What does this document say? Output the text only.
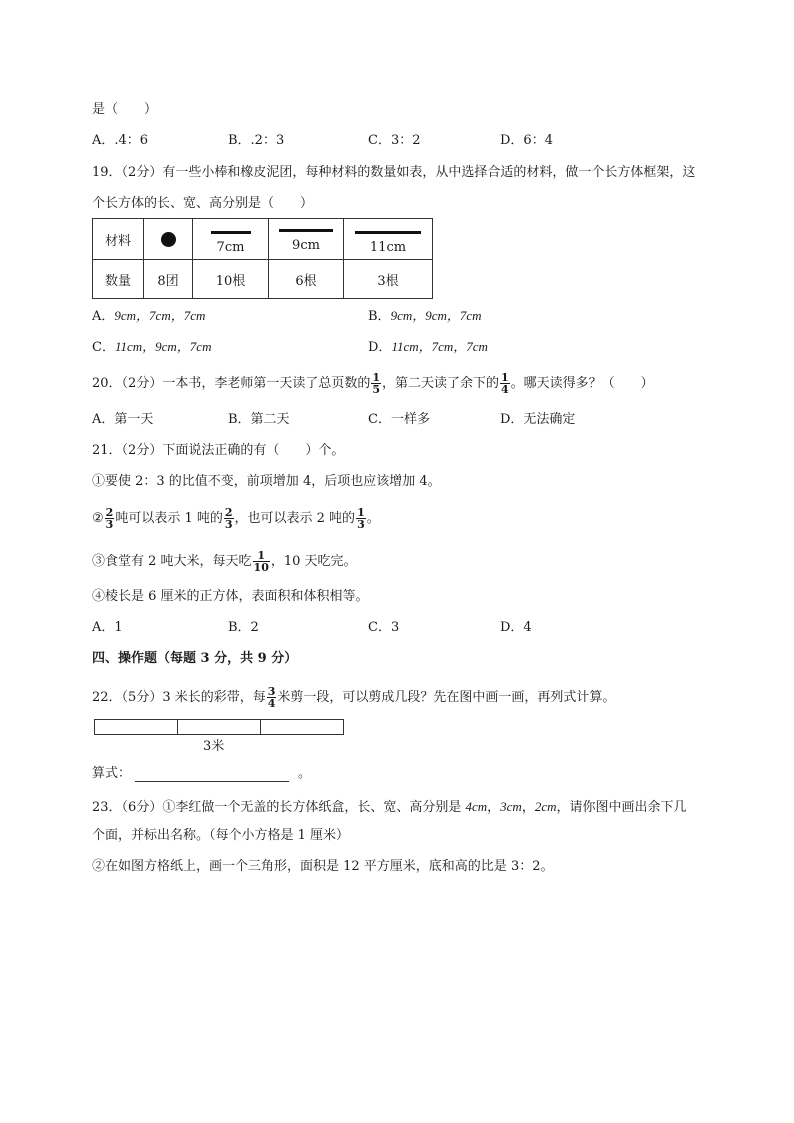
是（　　）
A．.4：6	B．.2：3	C．3：2	D．6：4
19．（2分）有一些小棒和橡皮泥团，每种材料的数量如表，从中选择合适的材料，做一个长方体框架，这
个长方体的长、宽、高分别是（　　）
材料		7cm	9cm	11cm
数量	8团	10根	6根	3根
A．9cm，7cm，7cm	B．9cm，9cm，7cm
C．11cm，9cm，7cm	D．11cm，7cm，7cm
20．（2分）一本书，李老师第一天读了总页数的 $\frac{1}{5}$ ，第二天读了余下的 $\frac{1}{4}$ 。哪天读得多？（　　）
A．第一天	B．第二天	C．一样多	D．无法确定
21．（2分）下面说法正确的有（　　）个。
①要使 2：3 的比值不变，前项增加 4，后项也应该增加 4。
② $\frac{2}{3}$ 吨可以表示 1 吨的 $\frac{2}{3}$ ，也可以表示 2 吨的 $\frac{1}{3}$ 。
③食堂有 2 吨大米，每天吃 $\frac{1}{10}$ ，10 天吃完。
④棱长是 6 厘米的正方体，表面积和体积相等。
A．1	B．2	C．3	D．4
四、操作题（每题 3 分，共 9 分）
22．（5分）3 米长的彩带，每 $\frac{3}{4}$ 米剪一段，可以剪成几段？先在图中画一画，再列式计算。
3米
算式：	。
23．（6分）①李红做一个无盖的长方体纸盒，长、宽、高分别是 4cm，3cm，2cm，请你图中画出余下几
个面，并标出名称。（每个小方格是 1 厘米）
②在如图方格纸上，画一个三角形，面积是 12 平方厘米，底和高的比是 3：2。
